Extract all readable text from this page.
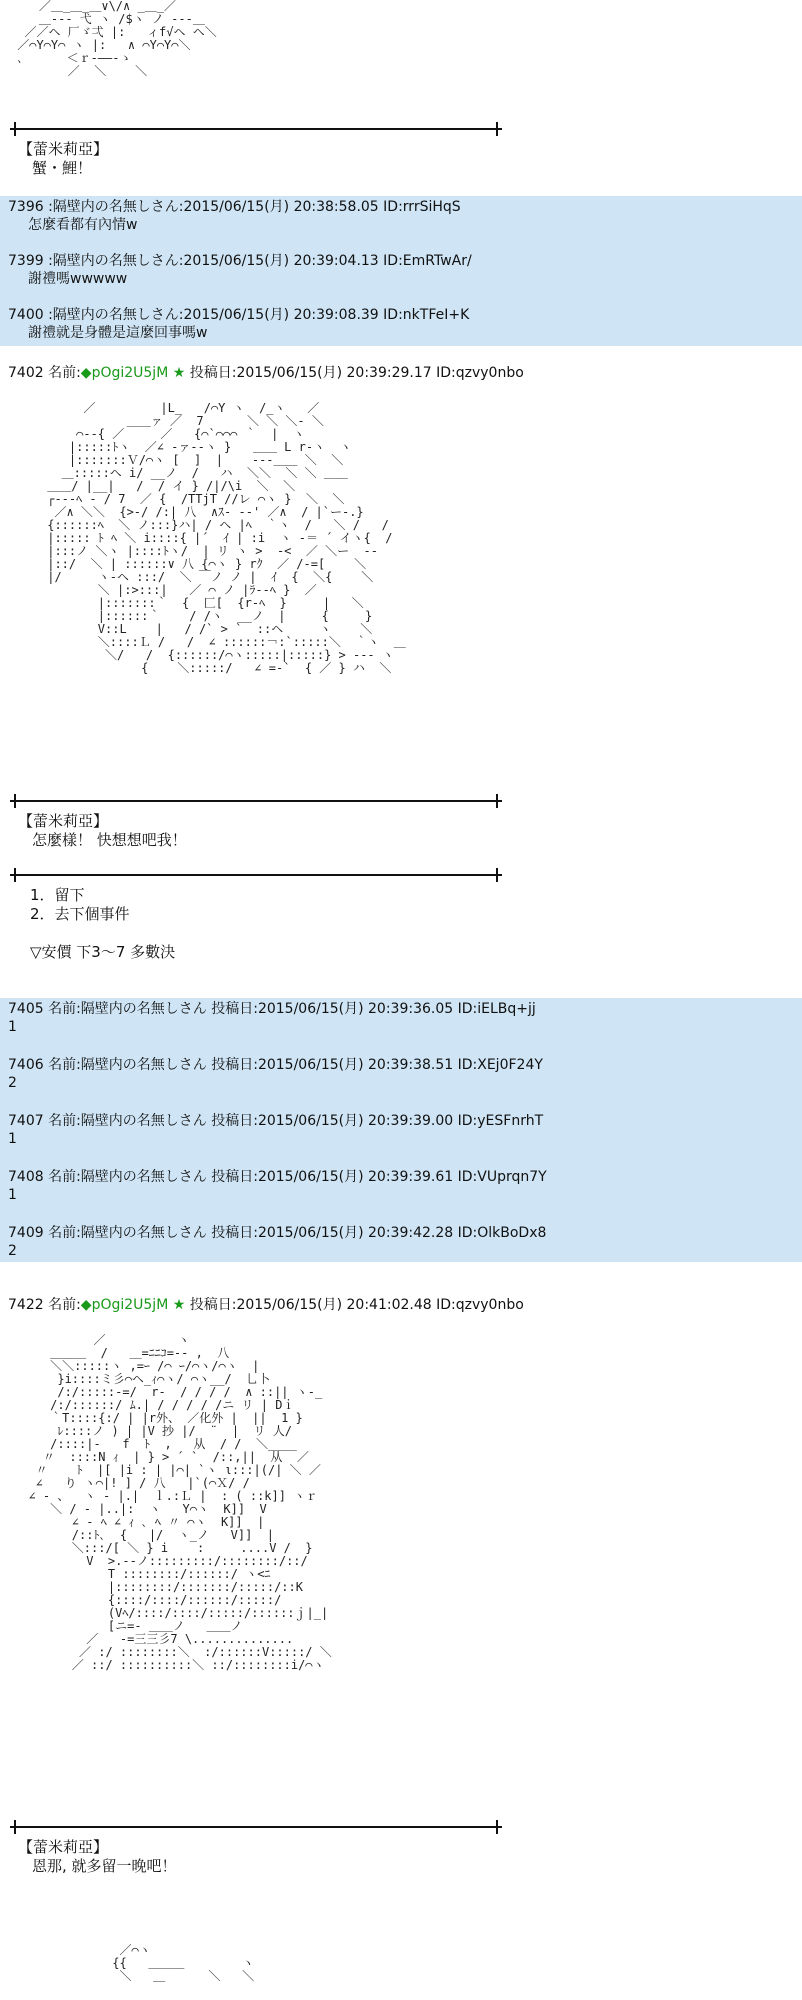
／＿_＿_＿∨\/∧ _＿_／
＿-‐‐ 弋 ヽ /$ヽ ノ ‐‐‐＿
／／ヘ 厂ゞ弌 |:   ィf√ヘ ヘ＼
／⌒Y⌒Y⌒ ヽ |:   ∧ ⌒Y⌒Y⌒＼
､      ＜ｒ‐――-ゝ
／  ＼    ＼
【蕾米莉亞】
蟹・鯉！
7396 :隔壁内の名無しさん:2015/06/15(月) 20:38:58.05 ID:rrrSiHqS
怎麼看都有內情w
7399 :隔壁内の名無しさん:2015/06/15(月) 20:39:04.13 ID:EmRTwAr/
謝禮嗎wwwww
7400 :隔壁内の名無しさん:2015/06/15(月) 20:39:08.39 ID:nkTFeI+K
謝禮就是身體是這麼回事嗎w
7402 名前:◆pOgi2U5jM ★ 投稿日:2015/06/15(月) 20:39:29.17 ID:qzvy0nbo
／         |L_   /⌒Y ヽ  /_ヽ   ／
＿＿ァ ／  7      ＼ ＼ ＼‐ ＼
⌒-‐{ ／     ／   {⌒`⌒⌒⌒ ｀  |  ヽ
|:::::ﾄヽ  ／∠ -ァ‐‐ヽ }   ＿＿ L r-ヽ  ヽ
|:::::::Ｖ/⌒ヽ [  ]  |    ‐‐‐＿＿ ＼  ＼
＿:::::ヘ i/ __ノ  /   ハ  ＼＼  ＼ ＼ ＿＿
＿＿/ |__|   /  / イ } /|/\i  ＼  ＼
┌‐‐-ﾍ ‐ / 7  ／ {  /TTjT //レ ⌒ヽ }  ＼  ＼
／∧ ＼＼  {>-/ /:| 八  ∧ｽ‐ ‐‐' ／∧  / |`ー-.}
{::::::ﾍ  ＼ ノ:::}ハ| / ヘ |ﾍ  ｀ヽ  /   ＼ /   /
|::::: ﾄ ﾍ ＼ i::::{ |´  ｲ | :i  ヽ -＝ ´ イヽ{  /
|:::ノ ＼ヽ |::::ﾄヽ/  | リ ヽ >  -<  ／ ＼ー  ‐‐
|::/  ＼ | ::::::∨ 八 {⌒ヽ } rｸ  ／ /‐=[    ＼
|/     ヽ-ヘ :::/  ＼ ￣ノ ノ |  ｲ  {  ＼{    ＼
＼ |:>:::|   ／ ⌒ ノ |ﾗ‐‐ﾍ }  ／
|:::::::｀  {  匚[  {r-ﾍ  }     |   ＼
|::::::｀    / /ヽ  __ノ  |     {     }
V::L    |   / /` > `  ::ヘ     ヽ    ＼
＼::::Ｌ /   /  ∠ ::::::￢:`:::::＼  ｀ヽ  ＿
＼/   /  {::::::/⌒ヽ:::::|:::::} > ‐‐‐ ヽ
{    ＼:::::/   ∠ =-`  { ／ } ハ  ＼
【蕾米莉亞】
怎麼樣！ 快想想吧我！
1．留下
2．去下個事件

▽安價 下3～7 多數決
7405 名前:隔壁内の名無しさん 投稿日:2015/06/15(月) 20:39:36.05 ID:iELBq+jj
1
7406 名前:隔壁内の名無しさん 投稿日:2015/06/15(月) 20:39:38.51 ID:XEj0F24Y
2
7407 名前:隔壁内の名無しさん 投稿日:2015/06/15(月) 20:39:39.00 ID:yESFnrhT
1
7408 名前:隔壁内の名無しさん 投稿日:2015/06/15(月) 20:39:39.61 ID:VUprqn7Y
1
7409 名前:隔壁内の名無しさん 投稿日:2015/06/15(月) 20:39:42.28 ID:OlkBoDx8
2
7422 名前:◆pOgi2U5jM ★ 投稿日:2015/06/15(月) 20:41:02.48 ID:qzvy0nbo
／          ヽ
＿＿＿  /   ＿=ﾆﾆｺ=-- ,  八
＼＼:::::ヽ ,=ｰ /⌒ ｰ/⌒ヽ/⌒ヽ  |
}i::::ミ彡⌒ヘ_ｨ⌒ヽ/ ⌒ヽ__/  乚卜
/:/:::::-=/  r‐  / / / /  ∧ ::|| ヽ-_
/:/::::::/ ﾑ.| / / / / /ニ リ | Dｉ
｀T::::{:/ | |r外、 ／化外 |  ||  1 }
ﾚ::::ノ ) | |V 抄 |/  ¨  |  リ 人/
/::::|‐   f  ﾄ  ,   从  / /  ＼____
〃  ::::N ｨ  | } > ´ `  /::,||  从  ／
〃    ﾄ  |[ |i : | |⌒| `ヽ ι:::|(/| ＼ ／
∠   り ヽ⌒|! ] / 八   |`(⌒Ｘ/ /
∠ ‐ 、  ヽ ‐ |.|  ｌ.:Ｌ |  : ( ::k]] ヽｒ
＼ / ‐ |..|:  ヽ   Y⌒ヽ  K]]  V
∠ ‐ ﾍ ∠ ｨ ､ ﾍ 〃 ⌒ヽ  K]]  |
/::ﾄ､  {   |/  ヽ_ノ   V]]  |
＼:::/[ ＼ } i    :     ....V /  }
V  >.‐‐ノ:::::::::/::::::::/::/
T ::::::::/::::::/ ヽ<ﾆ
|::::::::/:::::::/:::::/::K
{::::/::::/::::::/:::::/
(Vﾍ/::::/::::/:::::/::::::ｊ|_|
[ニ=‐ ＿＿ノ   ＿＿ノ
／   -=三三彡7 \..............
／ :/ ::::::::＼  :/::::::V:::::/ ＼
／ ::/ ::::::::::＼ ::/::::::::i/⌒ヽ
【蕾米莉亞】
恩那, 就多留一晚吧！
／⌒ヽ
{{   ＿＿＿        ヽ
＼   ＿      ＼   ＼
